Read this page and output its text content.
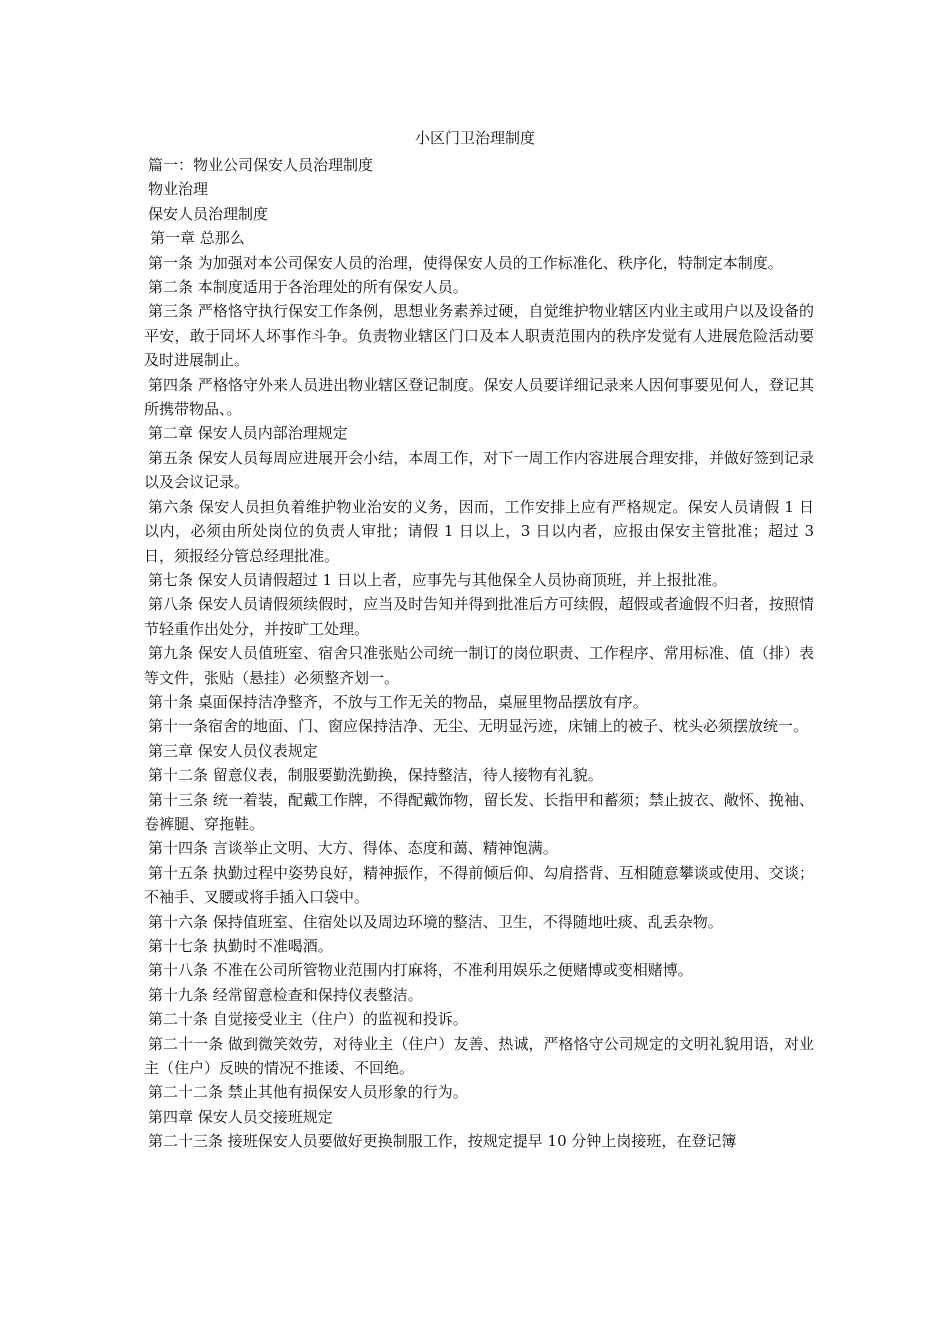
小区门卫治理制度

篇一：物业公司保安人员治理制度

物业治理

保安人员治理制度

第一章 总那么

第一条 为加强对本公司保安人员的治理，使得保安人员的工作标准化、秩序化，特制定本制度。

第二条 本制度适用于各治理处的所有保安人员。

第三条 严格恪守执行保安工作条例，思想业务素养过硬，自觉维护物业辖区内业主或用户以及设备的平安，敢于同坏人坏事作斗争。负责物业辖区门口及本人职责范围内的秩序发觉有人进展危险活动要及时进展制止。

第四条 严格恪守外来人员进出物业辖区登记制度。保安人员要详细记录来人因何事要见何人，登记其所携带物品、。

第二章 保安人员内部治理规定

第五条 保安人员每周应进展开会小结，本周工作，对下一周工作内容进展合理安排，并做好签到记录以及会议记录。

第六条 保安人员担负着维护物业治安的义务，因而，工作安排上应有严格规定。保安人员请假 1 日以内，必须由所处岗位的负责人审批；请假 1 日以上，3 日以内者，应报由保安主管批准；超过 3 日，须报经分管总经理批准。

第七条 保安人员请假超过 1 日以上者，应事先与其他保全人员协商顶班，并上报批准。

第八条 保安人员请假须续假时，应当及时告知并得到批准后方可续假，超假或者逾假不归者，按照情节轻重作出处分，并按旷工处理。

第九条 保安人员值班室、宿舍只准张贴公司统一制订的岗位职责、工作程序、常用标准、值（排）表等文件，张贴（悬挂）必须整齐划一。

第十条 桌面保持洁净整齐，不放与工作无关的物品，桌屉里物品摆放有序。

第十一条宿舍的地面、门、窗应保持洁净、无尘、无明显污迹，床铺上的被子、枕头必须摆放统一。

第三章 保安人员仪表规定

第十二条 留意仪表，制服要勤洗勤换，保持整洁，待人接物有礼貌。

第十三条 统一着装，配戴工作牌，不得配戴饰物，留长发、长指甲和蓄须；禁止披衣、敞怀、挽袖、卷裤腿、穿拖鞋。

第十四条 言谈举止文明、大方、得体、态度和蔼、精神饱满。

第十五条 执勤过程中姿势良好，精神振作，不得前倾后仰、勾肩搭背、互相随意攀谈或使用、交谈；不袖手、叉腰或将手插入口袋中。

第十六条 保持值班室、住宿处以及周边环境的整洁、卫生，不得随地吐痰、乱丢杂物。

第十七条 执勤时不准喝酒。

第十八条 不准在公司所管物业范围内打麻将，不准利用娱乐之便赌博或变相赌博。

第十九条 经常留意检查和保持仪表整洁。

第二十条 自觉接受业主（住户）的监视和投诉。

第二十一条 做到微笑效劳，对待业主（住户）友善、热诚，严格恪守公司规定的文明礼貌用语，对业主（住户）反映的情况不推诿、不回绝。

第二十二条 禁止其他有损保安人员形象的行为。

第四章 保安人员交接班规定

第二十三条 接班保安人员要做好更换制服工作，按规定提早 10 分钟上岗接班，在登记簿
